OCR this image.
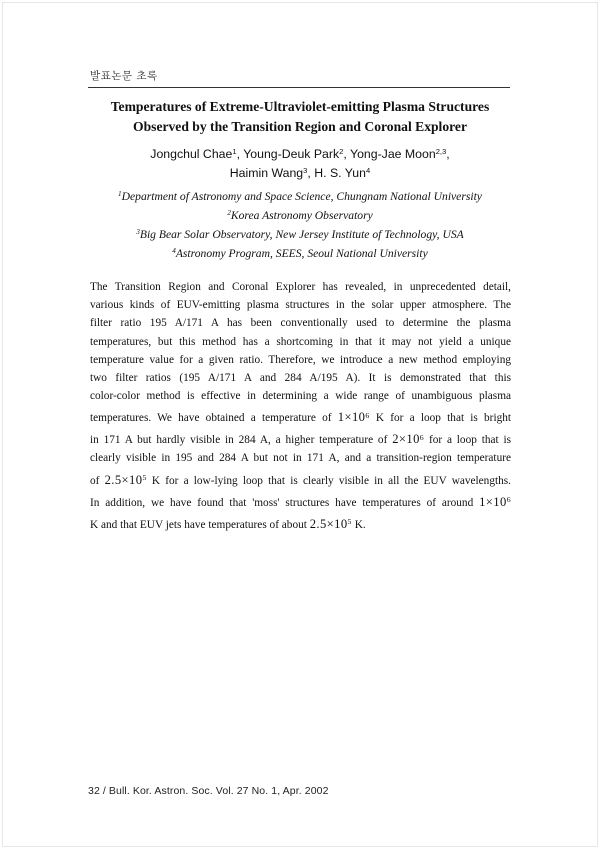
발표논문 초록
Temperatures of Extreme-Ultraviolet-emitting Plasma Structures
Observed by the Transition Region and Coronal Explorer
Jongchul Chae$^1$, Young-Deuk Park$^2$, Yong-Jae Moon$^{2,3}$,
Haimin Wang$^3$, H. S. Yun$^4$
$^1$Department of Astronomy and Space Science, Chungnam National University
$^2$Korea Astronomy Observatory
$^3$Big Bear Solar Observatory, New Jersey Institute of Technology, USA
$^4$Astronomy Program, SEES, Seoul National University
The Transition Region and Coronal Explorer has revealed, in unprecedented detail,
various kinds of EUV-emitting plasma structures in the solar upper atmosphere. The
filter ratio 195 A/171 A has been conventionally used to determine the plasma
temperatures, but this method has a shortcoming in that it may not yield a unique
temperature value for a given ratio. Therefore, we introduce a new method employing
two filter ratios (195 A/171 A and 284 A/195 A). It is demonstrated that this
color-color method is effective in determining a wide range of unambiguous plasma
temperatures. We have obtained a temperature of $1\times 10^6$ K for a loop that is bright
in 171 A but hardly visible in 284 A, a higher temperature of $2\times 10^6$ for a loop that is
clearly visible in 195 and 284 A but not in 171 A, and a transition-region temperature
of $2.5\times 10^5$ K for a low-lying loop that is clearly visible in all the EUV wavelengths.
In addition, we have found that 'moss' structures have temperatures of around $1\times 10^6$
K and that EUV jets have temperatures of about $2.5\times 10^5$ K.
32 / Bull. Kor. Astron. Soc. Vol. 27 No. 1, Apr. 2002
